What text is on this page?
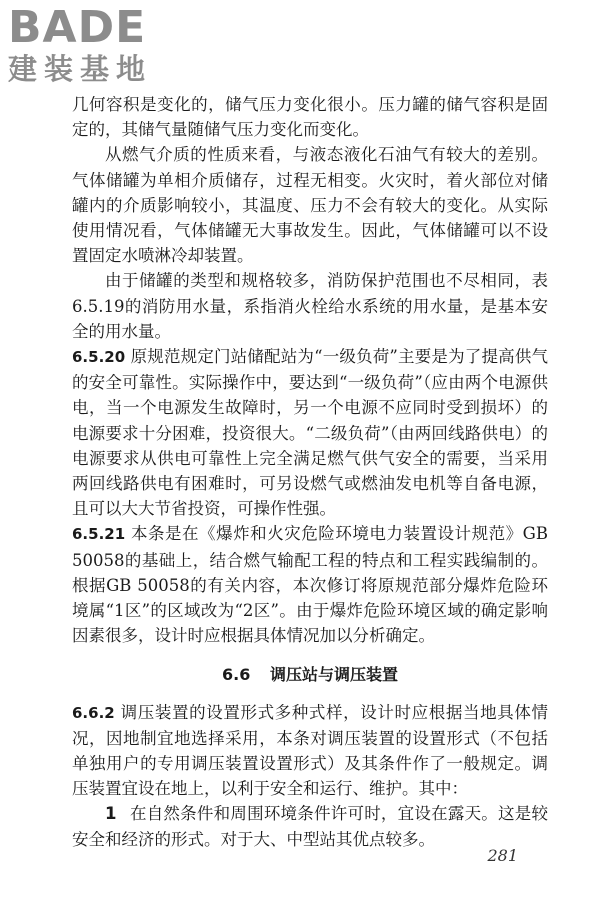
BADE
建装基地

几何容积是变化的，储气压力变化很小。压力罐的储气容积是固定的，其储气量随储气压力变化而变化。

从燃气介质的性质来看，与液态液化石油气有较大的差别。气体储罐为单相介质储存，过程无相变。火灾时，着火部位对储罐内的介质影响较小，其温度、压力不会有较大的变化。从实际使用情况看，气体储罐无大事故发生。因此，气体储罐可以不设置固定水喷淋冷却装置。

由于储罐的类型和规格较多，消防保护范围也不尽相同，表6.5.19的消防用水量，系指消火栓给水系统的用水量，是基本安全的用水量。

6.5.20 原规范规定门站储配站为“一级负荷”主要是为了提高供气的安全可靠性。实际操作中，要达到“一级负荷”（应由两个电源供电，当一个电源发生故障时，另一个电源不应同时受到损坏）的电源要求十分困难，投资很大。“二级负荷”（由两回线路供电）的电源要求从供电可靠性上完全满足燃气供气安全的需要，当采用两回线路供电有困难时，可另设燃气或燃油发电机等自备电源，且可以大大节省投资，可操作性强。

6.5.21 本条是在《爆炸和火灾危险环境电力装置设计规范》GB 50058的基础上，结合燃气输配工程的特点和工程实践编制的。根据GB 50058的有关内容，本次修订将原规范部分爆炸危险环境属“1区”的区域改为“2区”。由于爆炸危险环境区域的确定影响因素很多，设计时应根据具体情况加以分析确定。

6.6 调压站与调压装置

6.6.2 调压装置的设置形式多种式样，设计时应根据当地具体情况，因地制宜地选择采用，本条对调压装置的设置形式（不包括单独用户的专用调压装置设置形式）及其条件作了一般规定。调压装置宜设在地上，以利于安全和运行、维护。其中：

1 在自然条件和周围环境条件许可时，宜设在露天。这是较安全和经济的形式。对于大、中型站其优点较多。

281
